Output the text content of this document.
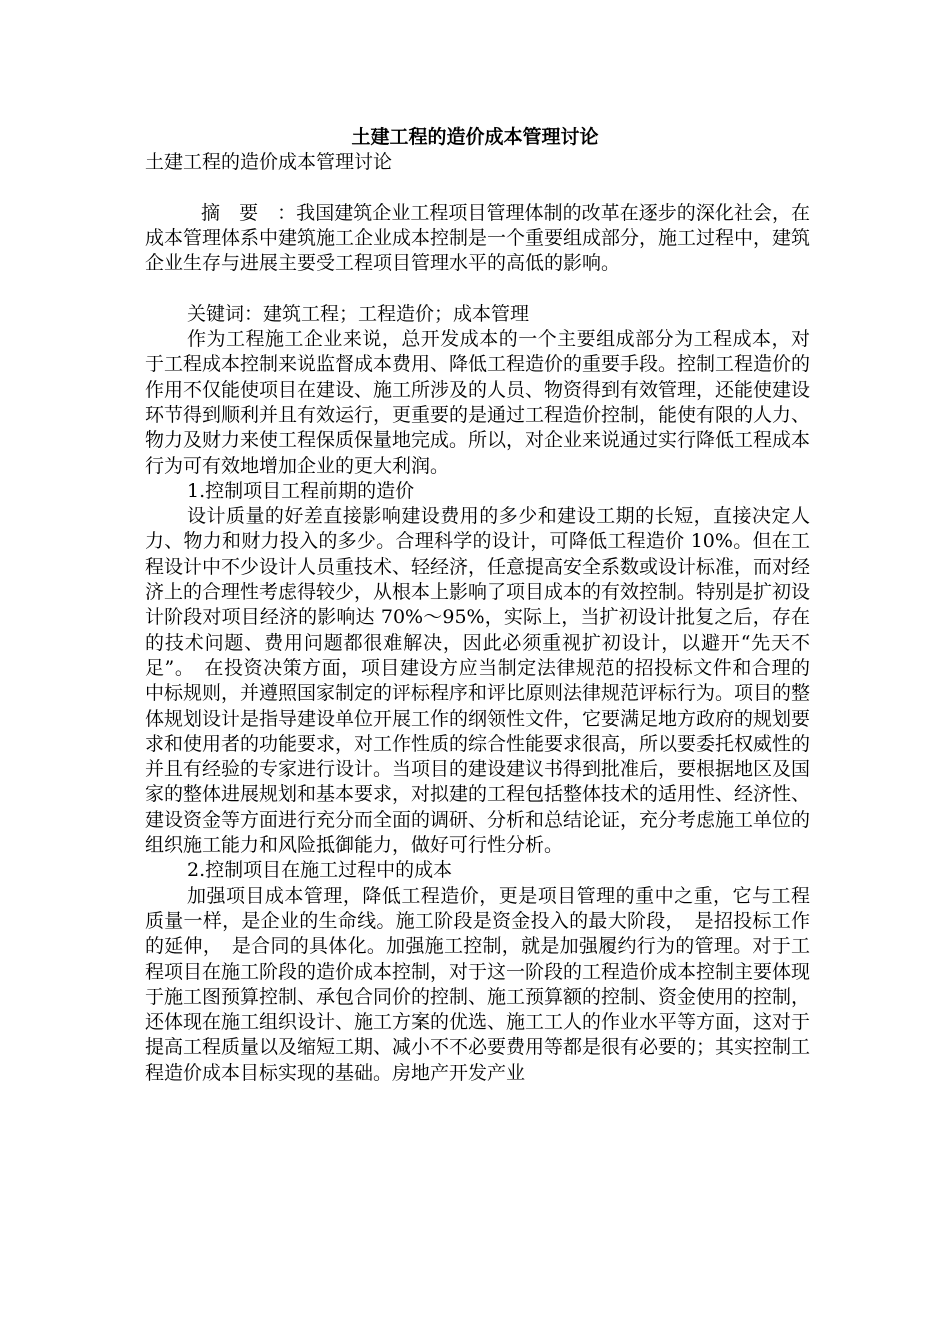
土建工程的造价成本管理讨论

土建工程的造价成本管理讨论

摘　要　：我国建筑企业工程项目管理体制的改革在逐步的深化社会，在成本管理体系中建筑施工企业成本控制是一个重要组成部分，施工过程中，建筑企业生存与进展主要受工程项目管理水平的高低的影响。

关键词：建筑工程；工程造价；成本管理

作为工程施工企业来说，总开发成本的一个主要组成部分为工程成本，对于工程成本控制来说监督成本费用、降低工程造价的重要手段。控制工程造价的作用不仅能使项目在建设、施工所涉及的人员、物资得到有效管理，还能使建设环节得到顺利并且有效运行，更重要的是通过工程造价控制，能使有限的人力、物力及财力来使工程保质保量地完成。所以，对企业来说通过实行降低工程成本行为可有效地增加企业的更大利润。

1.控制项目工程前期的造价

设计质量的好差直接影响建设费用的多少和建设工期的长短，直接决定人力、物力和财力投入的多少。合理科学的设计，可降低工程造价 10%。但在工程设计中不少设计人员重技术、轻经济，任意提高安全系数或设计标准，而对经济上的合理性考虑得较少，从根本上影响了项目成本的有效控制。特别是扩初设计阶段对项目经济的影响达 70%～95%，实际上，当扩初设计批复之后，存在的技术问题、费用问题都很难解决，因此必须重视扩初设计，以避开“先天不足”。　在投资决策方面，项目建设方应当制定法律规范的招投标文件和合理的中标规则，并遵照国家制定的评标程序和评比原则法律规范评标行为。项目的整体规划设计是指导建设单位开展工作的纲领性文件，它要满足地方政府的规划要求和使用者的功能要求，对工作性质的综合性能要求很高，所以要委托权威性的并且有经验的专家进行设计。当项目的建设建议书得到批准后，要根据地区及国家的整体进展规划和基本要求，对拟建的工程包括整体技术的适用性、经济性、建设资金等方面进行充分而全面的调研、分析和总结论证，充分考虑施工单位的组织施工能力和风险抵御能力，做好可行性分析。

2.控制项目在施工过程中的成本

加强项目成本管理，降低工程造价，更是项目管理的重中之重，它与工程质量一样，是企业的生命线。施工阶段是资金投入的最大阶段，　是招投标工作的延伸，　是合同的具体化。加强施工控制，就是加强履约行为的管理。对于工程项目在施工阶段的造价成本控制，对于这一阶段的工程造价成本控制主要体现于施工图预算控制、承包合同价的控制、施工预算额的控制、资金使用的控制，还体现在施工组织设计、施工方案的优选、施工工人的作业水平等方面，这对于提高工程质量以及缩短工期、减小不不必要费用等都是很有必要的；其实控制工程造价成本目标实现的基础。房地产开发产业
